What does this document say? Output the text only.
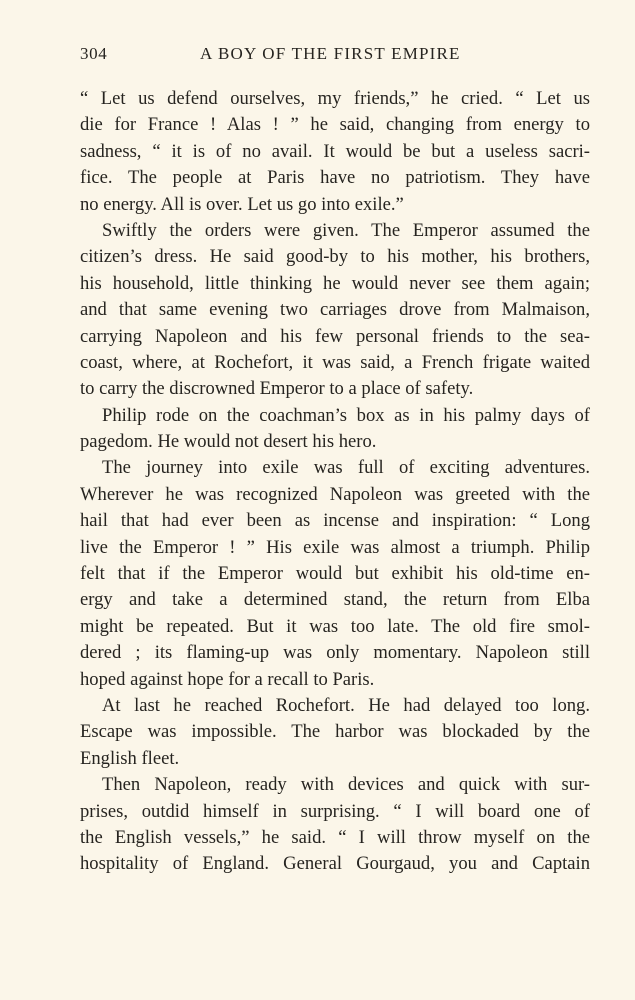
304	A BOY OF THE FIRST EMPIRE
“ Let us defend ourselves, my friends,” he cried. “ Let us
die for France ! Alas ! ” he said, changing from energy to
sadness, “ it is of no avail. It would be but a useless sacri-
fice. The people at Paris have no patriotism. They have
no energy. All is over. Let us go into exile.”
Swiftly the orders were given. The Emperor assumed the
citizen’s dress. He said good-by to his mother, his brothers,
his household, little thinking he would never see them again;
and that same evening two carriages drove from Malmaison,
carrying Napoleon and his few personal friends to the sea-
coast, where, at Rochefort, it was said, a French frigate waited
to carry the discrowned Emperor to a place of safety.
Philip rode on the coachman’s box as in his palmy days of
pagedom. He would not desert his hero.
The journey into exile was full of exciting adventures.
Wherever he was recognized Napoleon was greeted with the
hail that had ever been as incense and inspiration: “ Long
live the Emperor ! ” His exile was almost a triumph. Philip
felt that if the Emperor would but exhibit his old-time en-
ergy and take a determined stand, the return from Elba
might be repeated. But it was too late. The old fire smol-
dered ; its flaming-up was only momentary. Napoleon still
hoped against hope for a recall to Paris.
At last he reached Rochefort. He had delayed too long.
Escape was impossible. The harbor was blockaded by the
English fleet.
Then Napoleon, ready with devices and quick with sur-
prises, outdid himself in surprising. “ I will board one of
the English vessels,” he said. “ I will throw myself on the
hospitality of England. General Gourgaud, you and Captain
